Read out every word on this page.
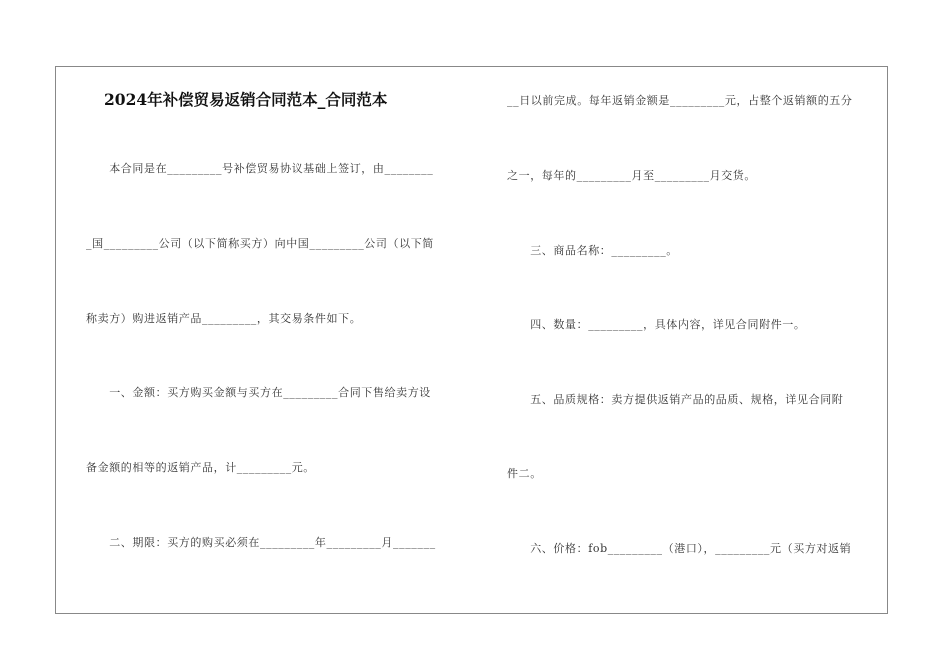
2024年补偿贸易返销合同范本_合同范本
　　本合同是在_________号补偿贸易协议基础上签订，由________
_国_________公司（以下简称买方）向中国_________公司（以下简
称卖方）购进返销产品_________，其交易条件如下。
　　一、金额：买方购买金额与买方在_________合同下售给卖方设
备金额的相等的返销产品，计_________元。
　　二、期限：买方的购买必须在_________年_________月_______
__日以前完成。每年返销金额是_________元，占整个返销额的五分
之一，每年的_________月至_________月交货。
　　三、商品名称：_________。
　　四、数量：_________，具体内容，详见合同附件一。
　　五、品质规格：卖方提供返销产品的品质、规格，详见合同附
件二。
　　六、价格：fob_________（港口），_________元（买方对返销
